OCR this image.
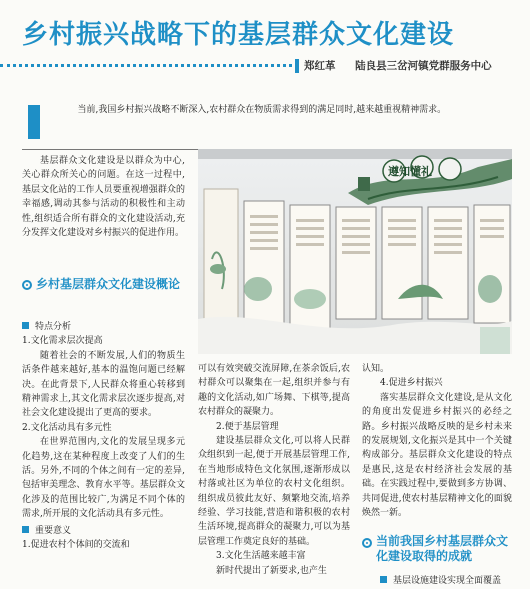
乡村振兴战略下的基层群众文化建设
郑红革 陆良县三岔河镇党群服务中心
当前,我国乡村振兴战略不断深入,农村群众在物质需求得到的满足同时,越来越重视精神需求。

基层群众文化建设是以群众为中心,关心群众所关心的问题。在这一过程中,基层文化站的工作人员要重视增强群众的幸福感,调动其参与活动的积极性和主动性,组织适合所有群众的文化建设活动,充分发挥文化建设对乡村振兴的促进作用。

乡村基层群众文化建设概论

特点分析

1.文化需求层次提高

随着社会的不断发展,人们的物质生活条件越来越好,基本的温饱问题已经解决。在此背景下,人民群众将重心转移到精神需求上,其文化需求层次逐步提高,对社会文化建设提出了更高的要求。

2.文化活动具有多元性

在世界范围内,文化的发展呈现多元化趋势,这在某种程度上改变了人们的生活。另外,不同的个体之间有一定的差异,包括审美理念、教育水平等。基层群众文化涉及的范围比较广,为满足不同个体的需求,所开展的文化活动具有多元性。

重要意义

1.促进农村个体间的交流和

遵知懂礼

可以有效突破交流屏障,在茶余饭后,农村群众可以聚集在一起,组织并参与有趣的文化活动,如广场舞、下棋等,提高农村群众的凝聚力。

2.便于基层管理

建设基层群众文化,可以将人民群众组织到一起,便于开展基层管理工作,在当地形成特色文化氛围,逐渐形成以村落或社区为单位的农村文化组织。组织成员彼此友好、频繁地交流,培养经验、学习技能,营造和谐积极的农村生活环境,提高群众的凝聚力,可以为基层管理工作奠定良好的基础。

3.文化生活越来越丰富

新时代提出了新要求,也产生

认知。

4.促进乡村振兴

落实基层群众文化建设,是从文化的角度出发促进乡村振兴的必经之路。乡村振兴战略反映的是乡村未来的发展规划,文化振兴是其中一个关键构成部分。基层群众文化建设的特点是惠民,这是农村经济社会发展的基础。在实践过程中,要做到多方协调、共同促进,使农村基层精神文化的面貌焕然一新。

当前我国乡村基层群众文化建设取得的成就

基层设施建设实现全面覆盖
